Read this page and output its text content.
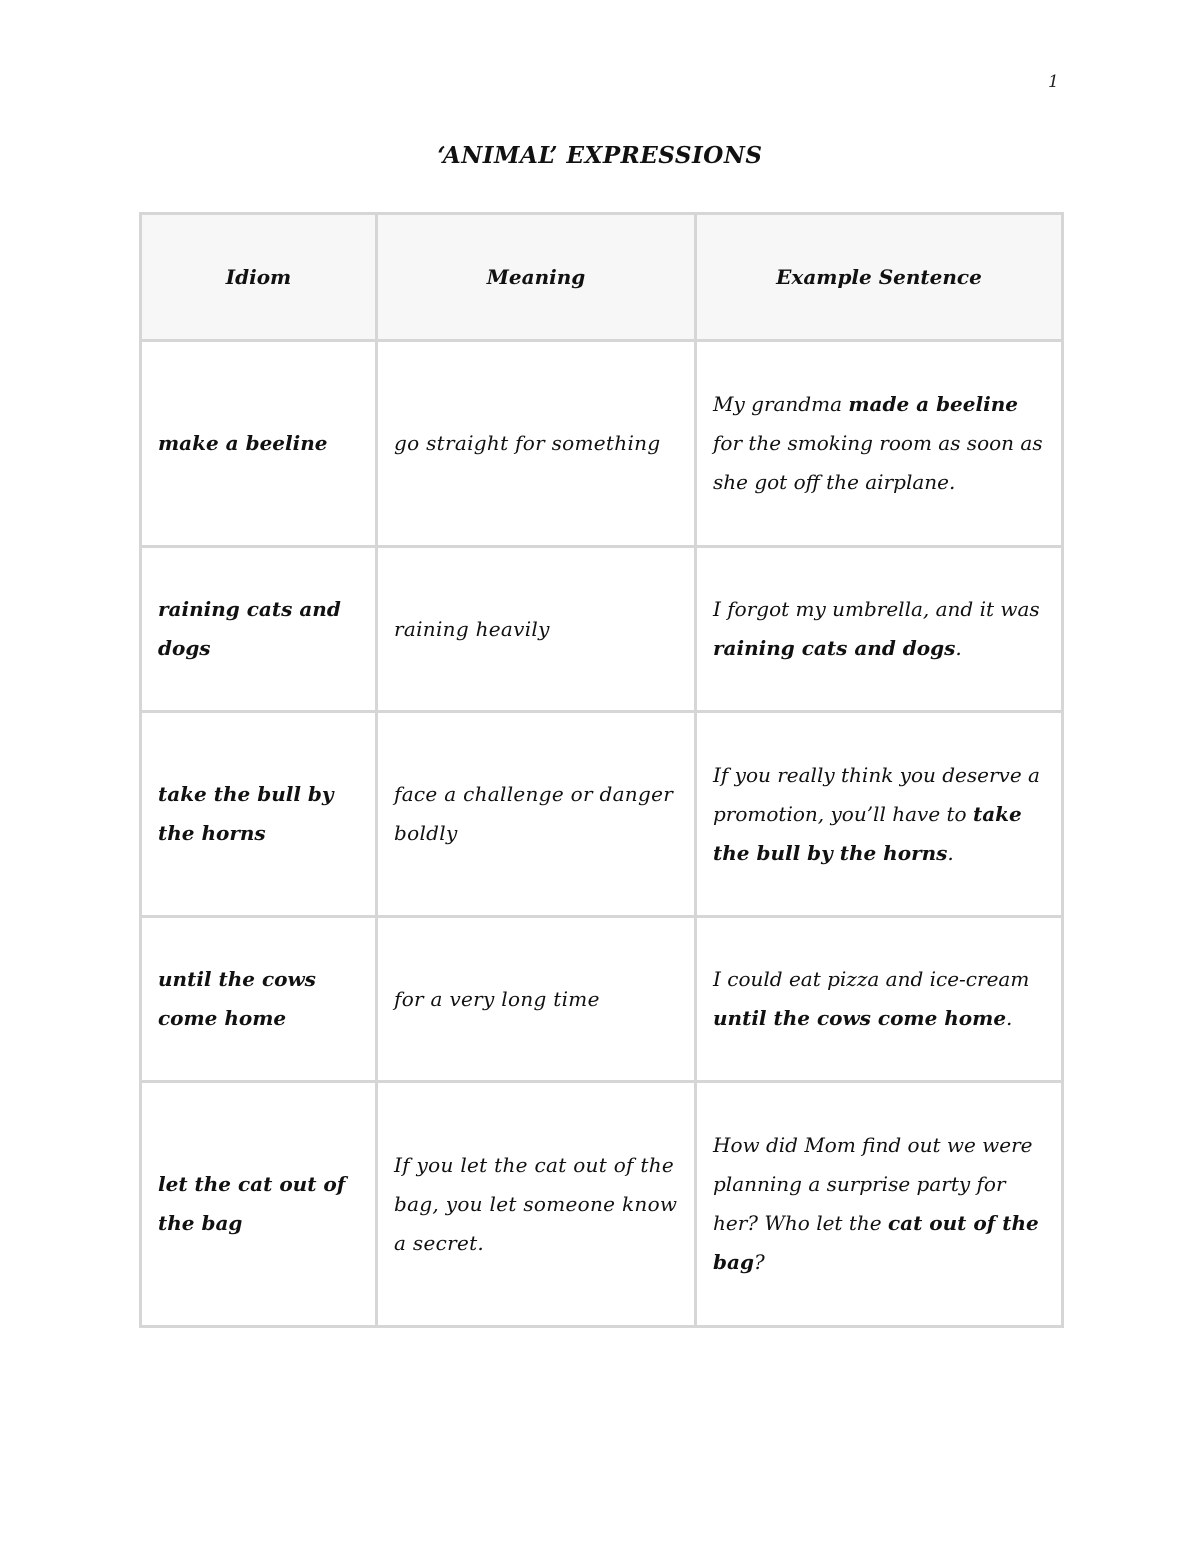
1
‘ANIMAL’ EXPRESSIONS
Idiom	Meaning	Example Sentence
make a beeline	go straight for something	My grandma made a beeline for the smoking room as soon as she got off the airplane.
raining cats and dogs	raining heavily	I forgot my umbrella, and it was raining cats and dogs.
take the bull by the horns	face a challenge or danger boldly	If you really think you deserve a promotion, you’ll have to take the bull by the horns.
until the cows come home	for a very long time	I could eat pizza and ice-cream until the cows come home.
let the cat out of the bag	If you let the cat out of the bag, you let someone know a secret.	How did Mom find out we were planning a surprise party for her? Who let the cat out of the bag?
